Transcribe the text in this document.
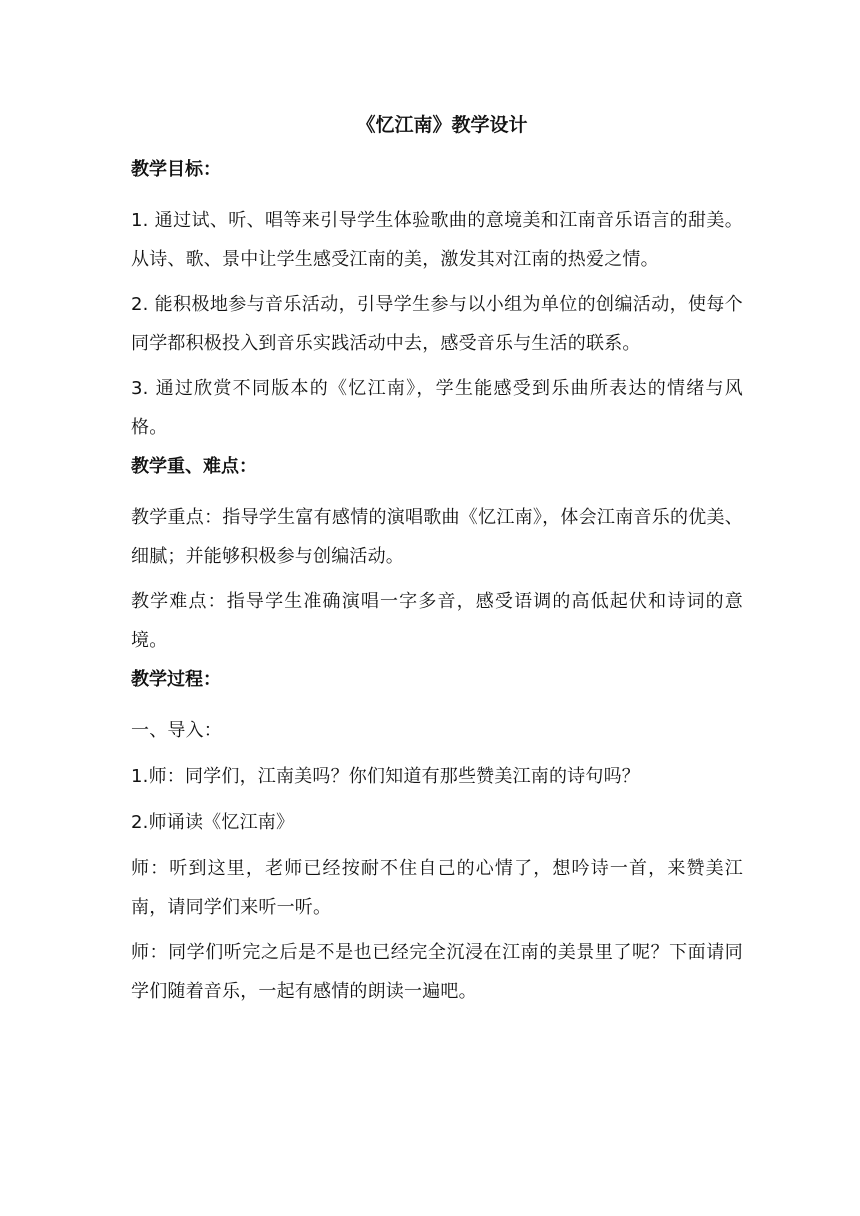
《忆江南》教学设计
教学目标：
1. 通过试、听、唱等来引导学生体验歌曲的意境美和江南音乐语言的甜美。从诗、歌、景中让学生感受江南的美，激发其对江南的热爱之情。
2. 能积极地参与音乐活动，引导学生参与以小组为单位的创编活动，使每个同学都积极投入到音乐实践活动中去，感受音乐与生活的联系。
3. 通过欣赏不同版本的《忆江南》，学生能感受到乐曲所表达的情绪与风格。
教学重、难点：
教学重点：指导学生富有感情的演唱歌曲《忆江南》，体会江南音乐的优美、细腻；并能够积极参与创编活动。
教学难点：指导学生准确演唱一字多音，感受语调的高低起伏和诗词的意境。
教学过程：
一、导入：
1.师：同学们，江南美吗？你们知道有那些赞美江南的诗句吗？
2.师诵读《忆江南》
师：听到这里，老师已经按耐不住自己的心情了，想吟诗一首，来赞美江南，请同学们来听一听。
师：同学们听完之后是不是也已经完全沉浸在江南的美景里了呢？下面请同学们随着音乐，一起有感情的朗读一遍吧。
